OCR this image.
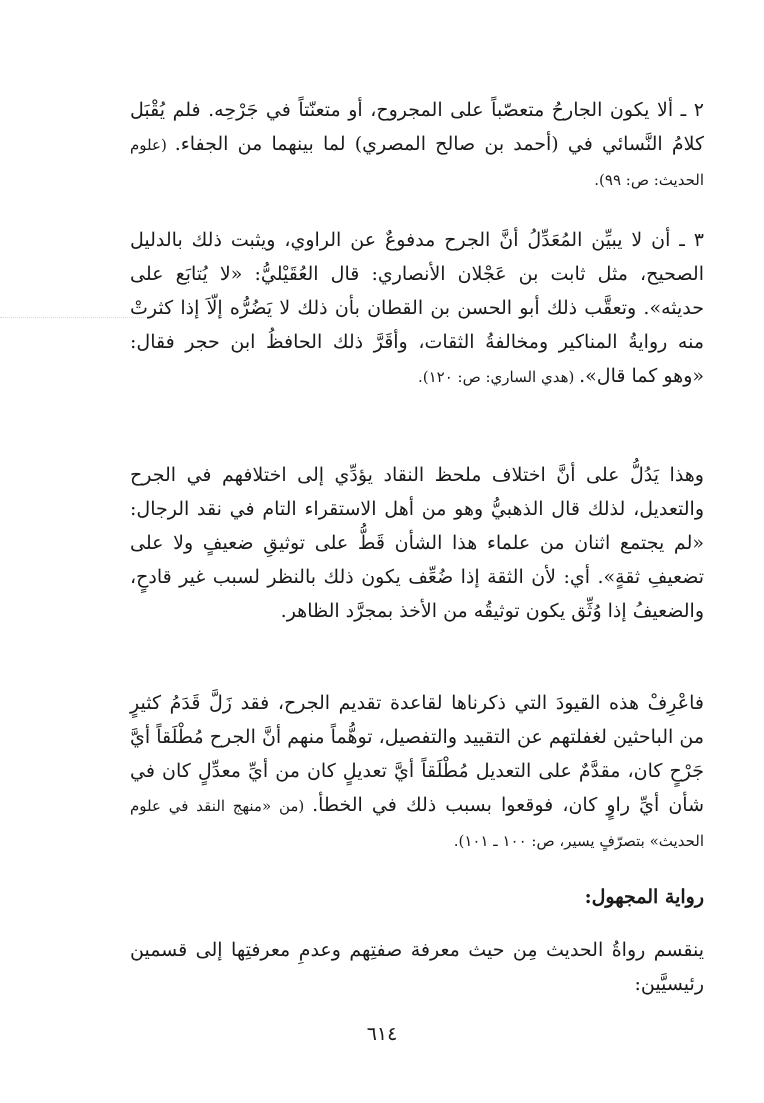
٢ ـ ألا يكون الجارحُ متعصّباً على المجروح، أو متعنّتاً في جَرْحِه. فلم يُقْبَل كلامُ النَّسائي في (أحمد بن صالح المصري) لما بينهما من الجفاء. (علوم الحديث: ص: ٩٩).

٣ ـ أن لا يبيِّن المُعَدِّلُ أنَّ الجرح مدفوعٌ عن الراوي، ويثبت ذلك بالدليل الصحيح، مثل ثابت بن عَجْلان الأنصاري: قال العُقَيْليُّ: «لا يُتابَع على حديثه». وتعقَّب ذلك أبو الحسن بن القطان بأن ذلك لا يَضُرُّه إلّاَ إذا كثرتْ منه روايةُ المناكير ومخالفةُ الثقات، وأقَرَّ ذلك الحافظُ ابن حجر فقال: «وهو كما قال». (هدي الساري: ص: ١٢٠).

وهذا يَدُلُّ على أنَّ اختلاف ملحظ النقاد يؤدِّي إلى اختلافهم في الجرح والتعديل، لذلك قال الذهبيُّ وهو من أهل الاستقراء التام في نقد الرجال: «لم يجتمع اثنان من علماء هذا الشأن قَطُّ على توثيقِ ضعيفٍ ولا على تضعيفِ ثقةٍ». أي: لأن الثقة إذا ضُعِّف يكون ذلك بالنظر لسبب غير قادحٍ، والضعيفُ إذا وُثِّق يكون توثيقُه من الأخذ بمجرَّد الظاهر.

فاعْرِفْ هذه القيودَ التي ذكرناها لقاعدة تقديم الجرح، فقد زَلَّ قَدَمُ كثيرٍ من الباحثين لغفلتهم عن التقييد والتفصيل، توهُّماً منهم أنَّ الجرح مُطْلَقاً أيَّ جَرْحٍ كان، مقدَّمٌ على التعديل مُطْلَقاً أيَّ تعديلٍ كان من أيِّ معدِّلٍ كان في شأن أيِّ راوٍ كان، فوقعوا بسبب ذلك في الخطأ. (من «منهج النقد في علوم الحديث» بتصرّفٍ يسير، ص: ١٠٠ ـ ١٠١).

رواية المجهول:

ينقسم رواةُ الحديث مِن حيث معرفة صفتِهم وعدمِ معرفتِها إلى قسمين رئيسيَّين:

٦١٤
